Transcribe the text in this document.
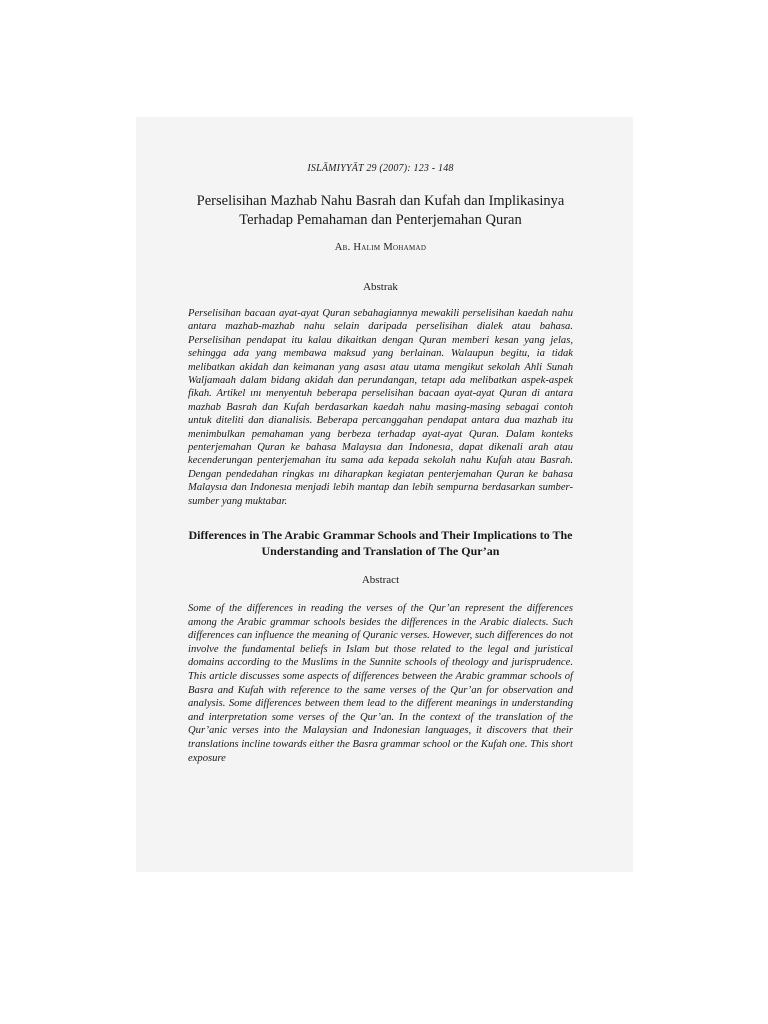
ISLĀMIYYĀT 29 (2007): 123 - 148
Perselisihan Mazhab Nahu Basrah dan Kufah dan Implikasinya Terhadap Pemahaman dan Penterjemahan Quran
Ab. Halim Mohamad
Abstrak

Perselisihan bacaan ayat-ayat Quran sebahagiannya mewakili perselisihan kaedah nahu antara mazhab-mazhab nahu selain daripada perselisihan dialek atau bahasa. Perselisihan pendapat itu kalau dikaitkan dengan Quran memberi kesan yang jelas, sehingga ada yang membawa maksud yang berlainan. Walaupun begitu, ia tidak melibatkan akidah dan keimanan yang asası atau utama mengikut sekolah Ahli Sunah Waljamaah dalam bidang akidah dan perundangan, tetapı ada melibatkan aspek-aspek fikah. Artikel ını menyentuh beberapa perselisihan bacaan ayat-ayat Quran di antara mazhab Basrah dan Kufah berdasarkan kaedah nahu masing-masing sebagai contoh untuk diteliti dan dianalisis. Beberapa percanggahan pendapat antara dua mazhab itu menimbulkan pemahaman yang berbeza terhadap ayat-ayat Quran. Dalam konteks penterjemahan Quran ke bahasa Malaysıa dan Indonesıa, dapat dikenali arah atau kecenderungan penterjemahan itu sama ada kepada sekolah nahu Kufah atau Basrah. Dengan pendedahan ringkas ını diharapkan kegiatan penterjemahan Quran ke bahasa Malaysıa dan Indonesıa menjadi lebih mantap dan lebih sempurna berdasarkan sumber-sumber yang muktabar.

Differences in The Arabic Grammar Schools and Their Implications to The Understanding and Translation of The Qur’an
Abstract

Some of the differences in reading the verses of the Qur’an represent the differences among the Arabic grammar schools besides the differences in the Arabic dialects. Such differences can influence the meaning of Quranic verses. However, such differences do not involve the fundamental beliefs in Islam but those related to the legal and juristical domains according to the Muslims in the Sunnite schools of theology and jurisprudence. This article discusses some aspects of differences between the Arabic grammar schools of Basra and Kufah with reference to the same verses of the Qur’an for observation and analysis. Some differences between them lead to the different meanings in understanding and interpretation some verses of the Qur’an. In the context of the translation of the Qur’anic verses into the Malaysian and Indonesian languages, it discovers that their translations incline towards either the Basra grammar school or the Kufah one. This short exposure
